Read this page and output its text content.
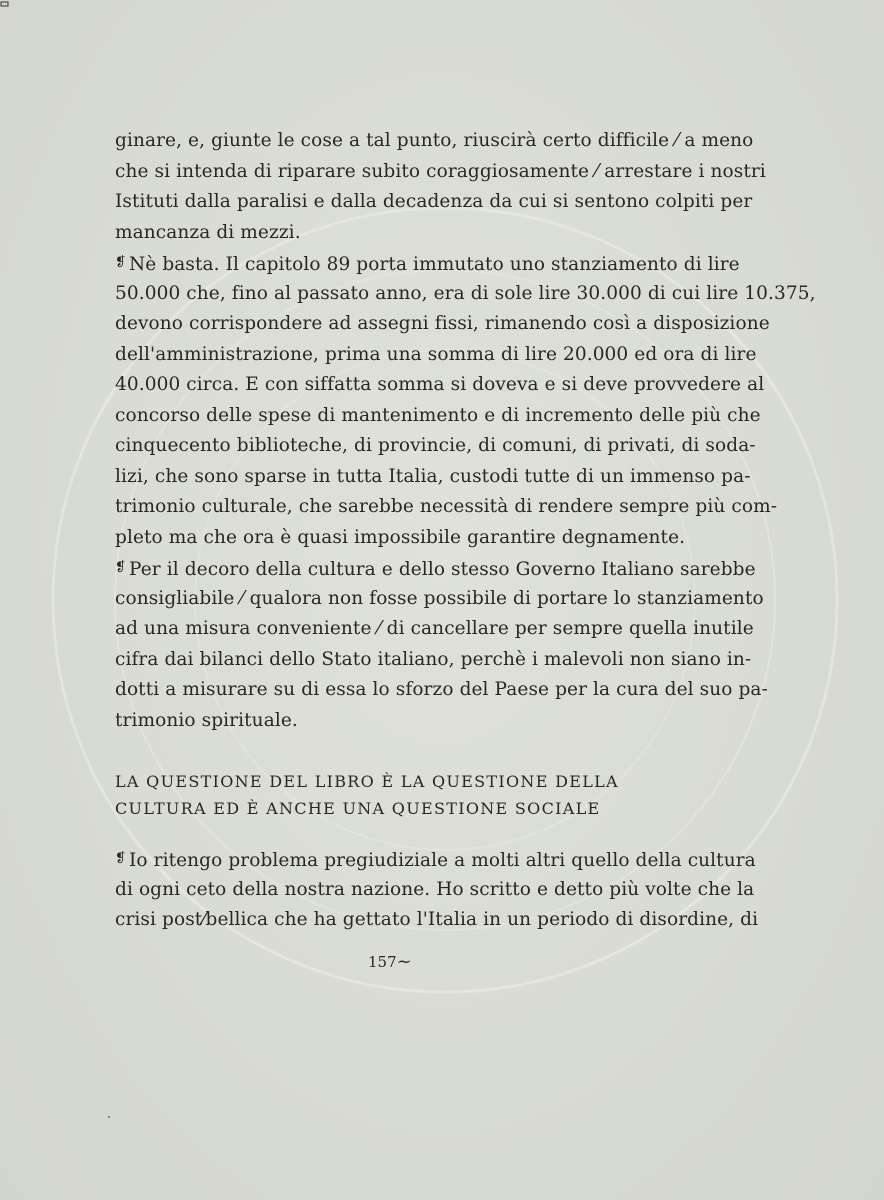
ginare, e, giunte le cose a tal punto, riuscirà certo difficile ⁄ a meno
che si intenda di riparare subito coraggiosamente ⁄ arrestare i nostri
Istituti dalla paralisi e dalla decadenza da cui si sentono colpiti per
mancanza di mezzi.
❡ Nè basta. Il capitolo 89 porta immutato uno stanziamento di lire
50.000 che, fino al passato anno, era di sole lire 30.000 di cui lire 10.375,
devono corrispondere ad assegni fissi, rimanendo così a disposizione
dell'amministrazione, prima una somma di lire 20.000 ed ora di lire
40.000 circa. E con siffatta somma si doveva e si deve provvedere al
concorso delle spese di mantenimento e di incremento delle più che
cinquecento biblioteche, di provincie, di comuni, di privati, di soda-
lizi, che sono sparse in tutta Italia, custodi tutte di un immenso pa-
trimonio culturale, che sarebbe necessità di rendere sempre più com-
pleto ma che ora è quasi impossibile garantire degnamente.
❡ Per il decoro della cultura e dello stesso Governo Italiano sarebbe
consigliabile ⁄ qualora non fosse possibile di portare lo stanziamento
ad una misura conveniente ⁄ di cancellare per sempre quella inutile
cifra dai bilanci dello Stato italiano, perchè i malevoli non siano in-
dotti a misurare su di essa lo sforzo del Paese per la cura del suo pa-
trimonio spirituale.
LA QUESTIONE DEL LIBRO È LA QUESTIONE DELLA
CULTURA ED È ANCHE UNA QUESTIONE SOCIALE
❡ Io ritengo problema pregiudiziale a molti altri quello della cultura
di ogni ceto della nostra nazione. Ho scritto e detto più volte che la
crisi post⁄bellica che ha gettato l'Italia in un periodo di disordine, di
157~
